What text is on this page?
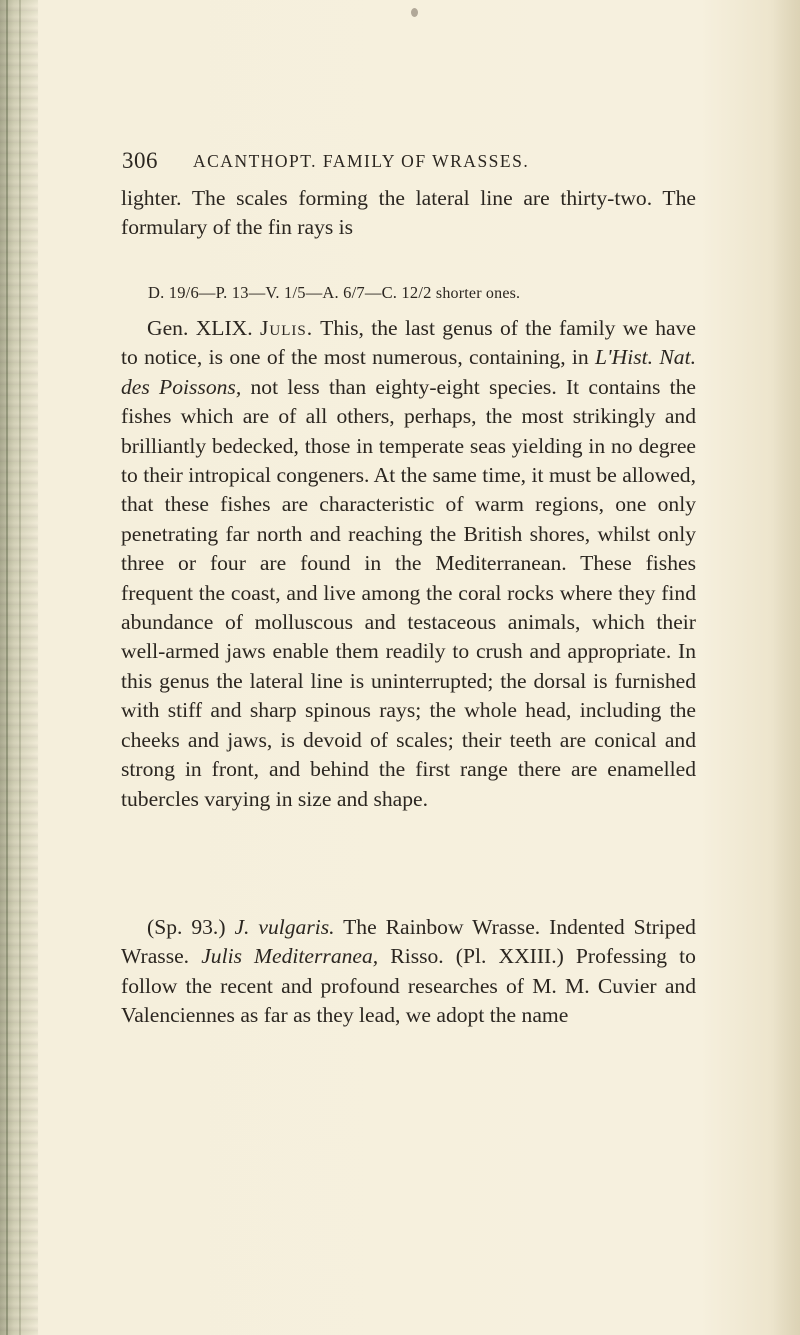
306 ACANTHOPT. FAMILY OF WRASSES.
lighter. The scales forming the lateral line are thirty-two. The formulary of the fin rays is
D. 19/6—P. 13—V. 1/5—A. 6/7—C. 12/2 shorter ones.
Gen. XLIX. Julis. This, the last genus of the family we have to notice, is one of the most numerous, containing, in L'Hist. Nat. des Poissons, not less than eighty-eight species. It contains the fishes which are of all others, perhaps, the most strikingly and brilliantly bedecked, those in temperate seas yielding in no degree to their intropical congeners. At the same time, it must be allowed, that these fishes are characteristic of warm regions, one only penetrating far north and reaching the British shores, whilst only three or four are found in the Mediterranean. These fishes frequent the coast, and live among the coral rocks where they find abundance of molluscous and testaceous animals, which their well-armed jaws enable them readily to crush and appropriate. In this genus the lateral line is uninterrupted; the dorsal is furnished with stiff and sharp spinous rays; the whole head, including the cheeks and jaws, is devoid of scales; their teeth are conical and strong in front, and behind the first range there are enamelled tubercles varying in size and shape.
(Sp. 93.) J. vulgaris. The Rainbow Wrasse. Indented Striped Wrasse. Julis Mediterranea, Risso. (Pl. XXIII.) Professing to follow the recent and profound researches of M. M. Cuvier and Valenciennes as far as they lead, we adopt the name
